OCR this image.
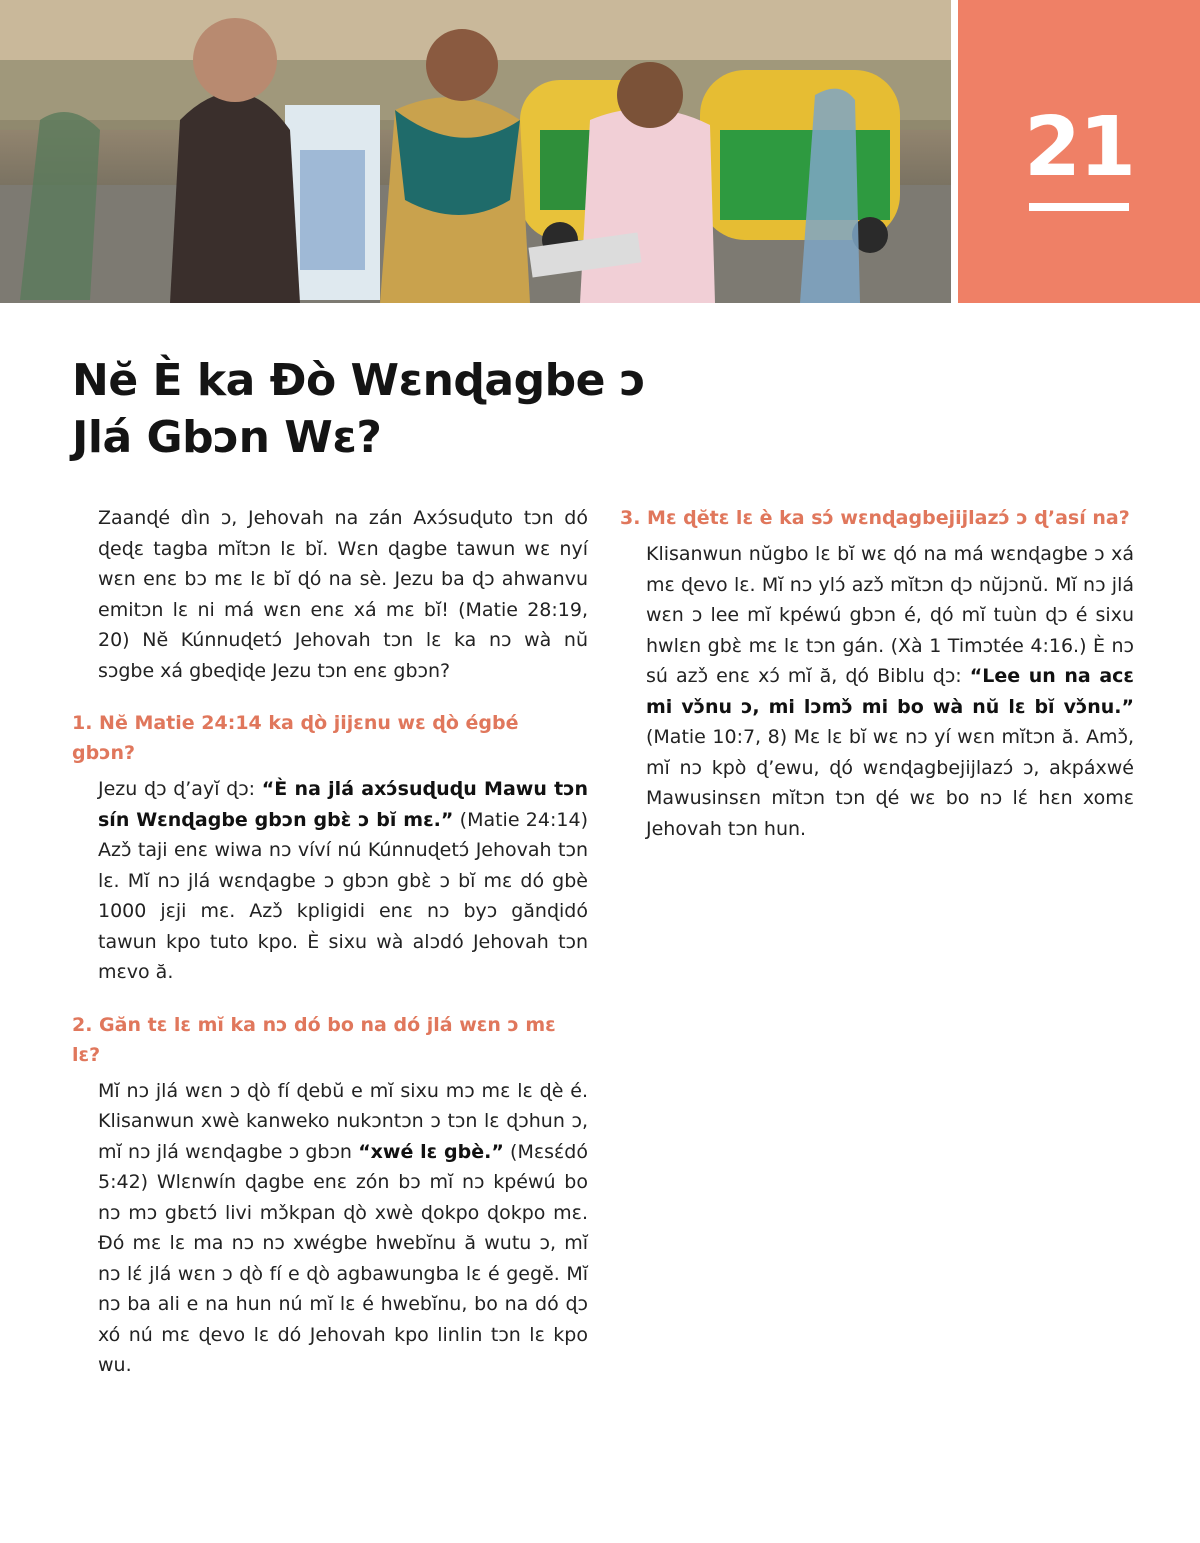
21
Nĕ È ka Ðò Wɛnɖagbe ɔ
Jlá Gbɔn Wɛ?

Zaanɖé dìn ɔ, Jehovah na zán Axɔ́suɖuto tɔn dó ɖeɖɛ tagba mĭtɔn lɛ bĭ. Wɛn ɖagbe tawun wɛ nyí wɛn enɛ bɔ mɛ lɛ bĭ ɖó na sè. Jezu ba ɖɔ ahwanvu emitɔn lɛ ni má wɛn enɛ xá mɛ bĭ! (Matie 28:19, 20) Nĕ Kúnnuɖetɔ́ Jehovah tɔn lɛ ka nɔ wà nŭ sɔgbe xá gbeɖiɖe Jezu tɔn enɛ gbɔn?

1. Nĕ Matie 24:14 ka ɖò jijɛnu wɛ ɖò égbé gbɔn?

Jezu ɖɔ ɖ’ayĭ ɖɔ: “È na jlá axɔ́suɖuɖu Mawu tɔn sín Wɛnɖagbe gbɔn gbɛ̀ ɔ bĭ mɛ.” (Matie 24:14) Azɔ̌ taji enɛ wiwa nɔ víví nú Kúnnuɖetɔ́ Jehovah tɔn lɛ. Mĭ nɔ jlá wɛnɖagbe ɔ gbɔn gbɛ̀ ɔ bĭ mɛ dó gbè 1000 jɛji mɛ. Azɔ̌ kpligidi enɛ nɔ byɔ gănɖidó tawun kpo tuto kpo. È sixu wà alɔdó Jehovah tɔn mɛvo ă.

2. Găn tɛ lɛ mĭ ka nɔ dó bo na dó jlá wɛn ɔ mɛ lɛ?

Mĭ nɔ jlá wɛn ɔ ɖò fí ɖebŭ e mĭ sixu mɔ mɛ lɛ ɖè é. Klisanwun xwè kanweko nukɔntɔn ɔ tɔn lɛ ɖɔhun ɔ, mĭ nɔ jlá wɛnɖagbe ɔ gbɔn “xwé lɛ gbè.” (Mɛsɛ́dó 5:42) Wlɛnwín ɖagbe enɛ zón bɔ mĭ nɔ kpéwú bo nɔ mɔ gbɛtɔ́ livi mɔ̌kpan ɖò xwè ɖokpo ɖokpo mɛ. Ðó mɛ lɛ ma nɔ nɔ xwégbe hwebĭnu ă wutu ɔ, mĭ nɔ lɛ́ jlá wɛn ɔ ɖò fí e ɖò agbawungba lɛ é gegĕ. Mĭ nɔ ba ali e na hun nú mĭ lɛ é hwebĭnu, bo na dó ɖɔ xó nú mɛ ɖevo lɛ dó Jehovah kpo linlin tɔn lɛ kpo wu.

3. Mɛ ɖĕtɛ lɛ è ka sɔ́ wɛnɖagbejijlazɔ́ ɔ ɖ’así na?

Klisanwun nŭgbo lɛ bĭ wɛ ɖó na má wɛnɖagbe ɔ xá mɛ ɖevo lɛ. Mĭ nɔ ylɔ́ azɔ̌ mĭtɔn ɖɔ nŭjɔnŭ. Mĭ nɔ jlá wɛn ɔ lee mĭ kpéwú gbɔn é, ɖó mĭ tuùn ɖɔ é sixu hwlɛn gbɛ̀ mɛ lɛ tɔn gán. (Xà 1 Timɔtée 4:16.) È nɔ sú azɔ̌ enɛ xɔ́ mĭ ă, ɖó Biblu ɖɔ: “Lee un na acɛ mi vɔ̌nu ɔ, mi lɔmɔ̌ mi bo wà nŭ lɛ bĭ vɔ̌nu.” (Matie 10:7, 8) Mɛ lɛ bĭ wɛ nɔ yí wɛn mĭtɔn ă. Amɔ̌, mĭ nɔ kpò ɖ’ewu, ɖó wɛnɖagbejijlazɔ́ ɔ, akpáxwé Mawusinsɛn mĭtɔn tɔn ɖé wɛ bo nɔ lɛ́ hɛn xomɛ Jehovah tɔn hun.
